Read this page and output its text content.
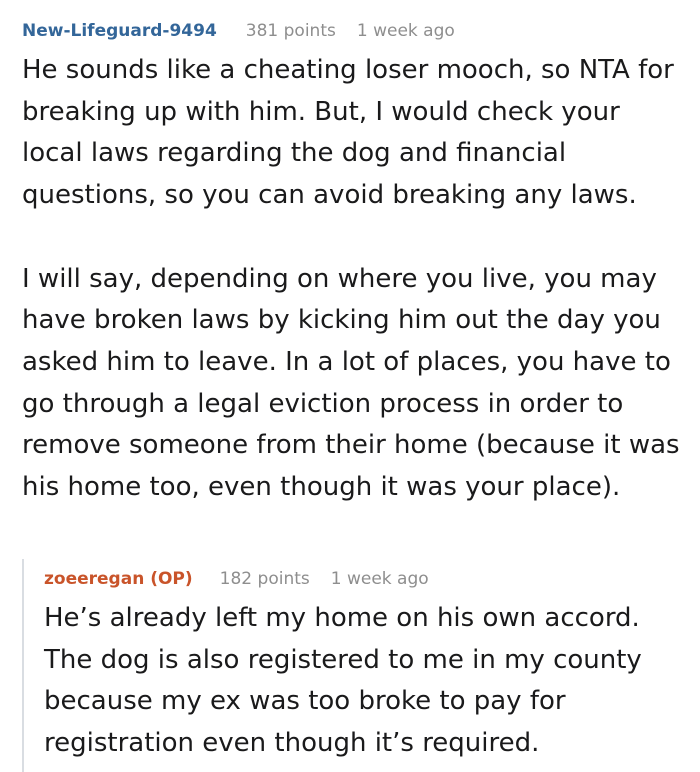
New-Lifeguard-9494 381 points 1 week ago

He sounds like a cheating loser mooch, so NTA for breaking up with him. But, I would check your local laws regarding the dog and financial questions, so you can avoid breaking any laws.

I will say, depending on where you live, you may have broken laws by kicking him out the day you asked him to leave. In a lot of places, you have to go through a legal eviction process in order to remove someone from their home (because it was his home too, even though it was your place).

zoeeregan (OP) 182 points 1 week ago

He’s already left my home on his own accord. The dog is also registered to me in my county because my ex was too broke to pay for registration even though it’s required.
